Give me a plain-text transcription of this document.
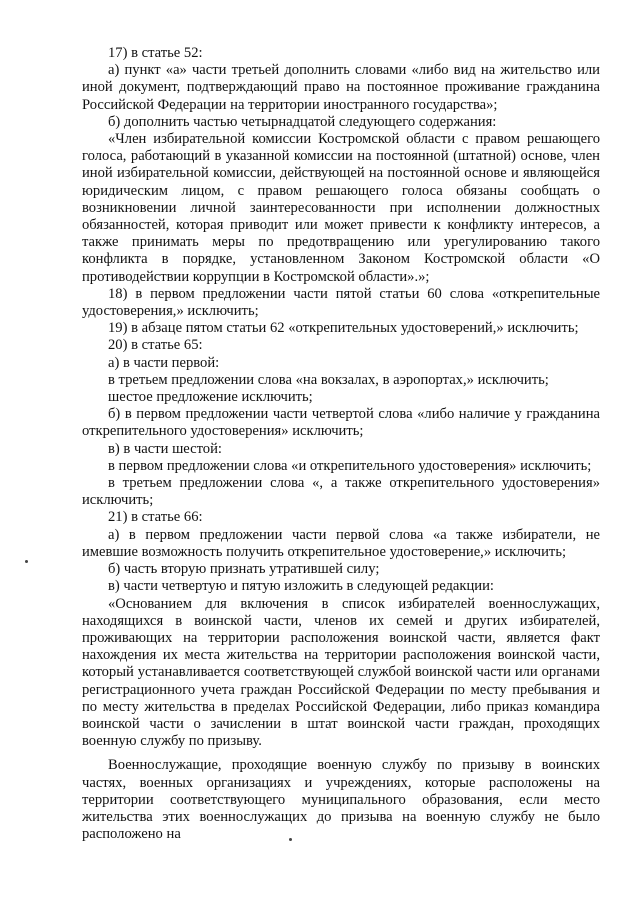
17) в статье 52:

а) пункт «а» части третьей дополнить словами «либо вид на жительство или иной документ, подтверждающий право на постоянное проживание гражданина Российской Федерации на территории иностранного государства»;

б) дополнить частью четырнадцатой следующего содержания:

«Член избирательной комиссии Костромской области с правом решающего голоса, работающий в указанной комиссии на постоянной (штатной) основе, член иной избирательной комиссии, действующей на постоянной основе и являющейся юридическим лицом, с правом решающего голоса обязаны сообщать о возникновении личной заинтересованности при исполнении должностных обязанностей, которая приводит или может привести к конфликту интересов, а также принимать меры по предотвращению или урегулированию такого конфликта в порядке, установленном Законом Костромской области «О противодействии коррупции в Костромской области».»;

18) в первом предложении части пятой статьи 60 слова «открепительные удостоверения,» исключить;

19) в абзаце пятом статьи 62 «открепительных удостоверений,» исключить;

20) в статье 65:

а) в части первой:

в третьем предложении слова «на вокзалах, в аэропортах,» исключить;

шестое предложение исключить;

б) в первом предложении части четвертой слова «либо наличие у гражданина открепительного удостоверения» исключить;

в) в части шестой:

в первом предложении слова «и открепительного удостоверения» исключить;

в третьем предложении слова «, а также открепительного удостоверения» исключить;

21) в статье 66:

а) в первом предложении части первой слова «а также избиратели, не имевшие возможность получить открепительное удостоверение,» исключить;

б) часть вторую признать утратившей силу;

в) части четвертую и пятую изложить в следующей редакции:

«Основанием для включения в список избирателей военнослужащих, находящихся в воинской части, членов их семей и других избирателей, проживающих на территории расположения воинской части, является факт нахождения их места жительства на территории расположения воинской части, который устанавливается соответствующей службой воинской части или органами регистрационного учета граждан Российской Федерации по месту пребывания и по месту жительства в пределах Российской Федерации, либо приказ командира воинской части о зачислении в штат воинской части граждан, проходящих военную службу по призыву.

Военнослужащие, проходящие военную службу по призыву в воинских частях, военных организациях и учреждениях, которые расположены на территории соответствующего муниципального образования, если место жительства этих военнослужащих до призыва на военную службу не было расположено на
